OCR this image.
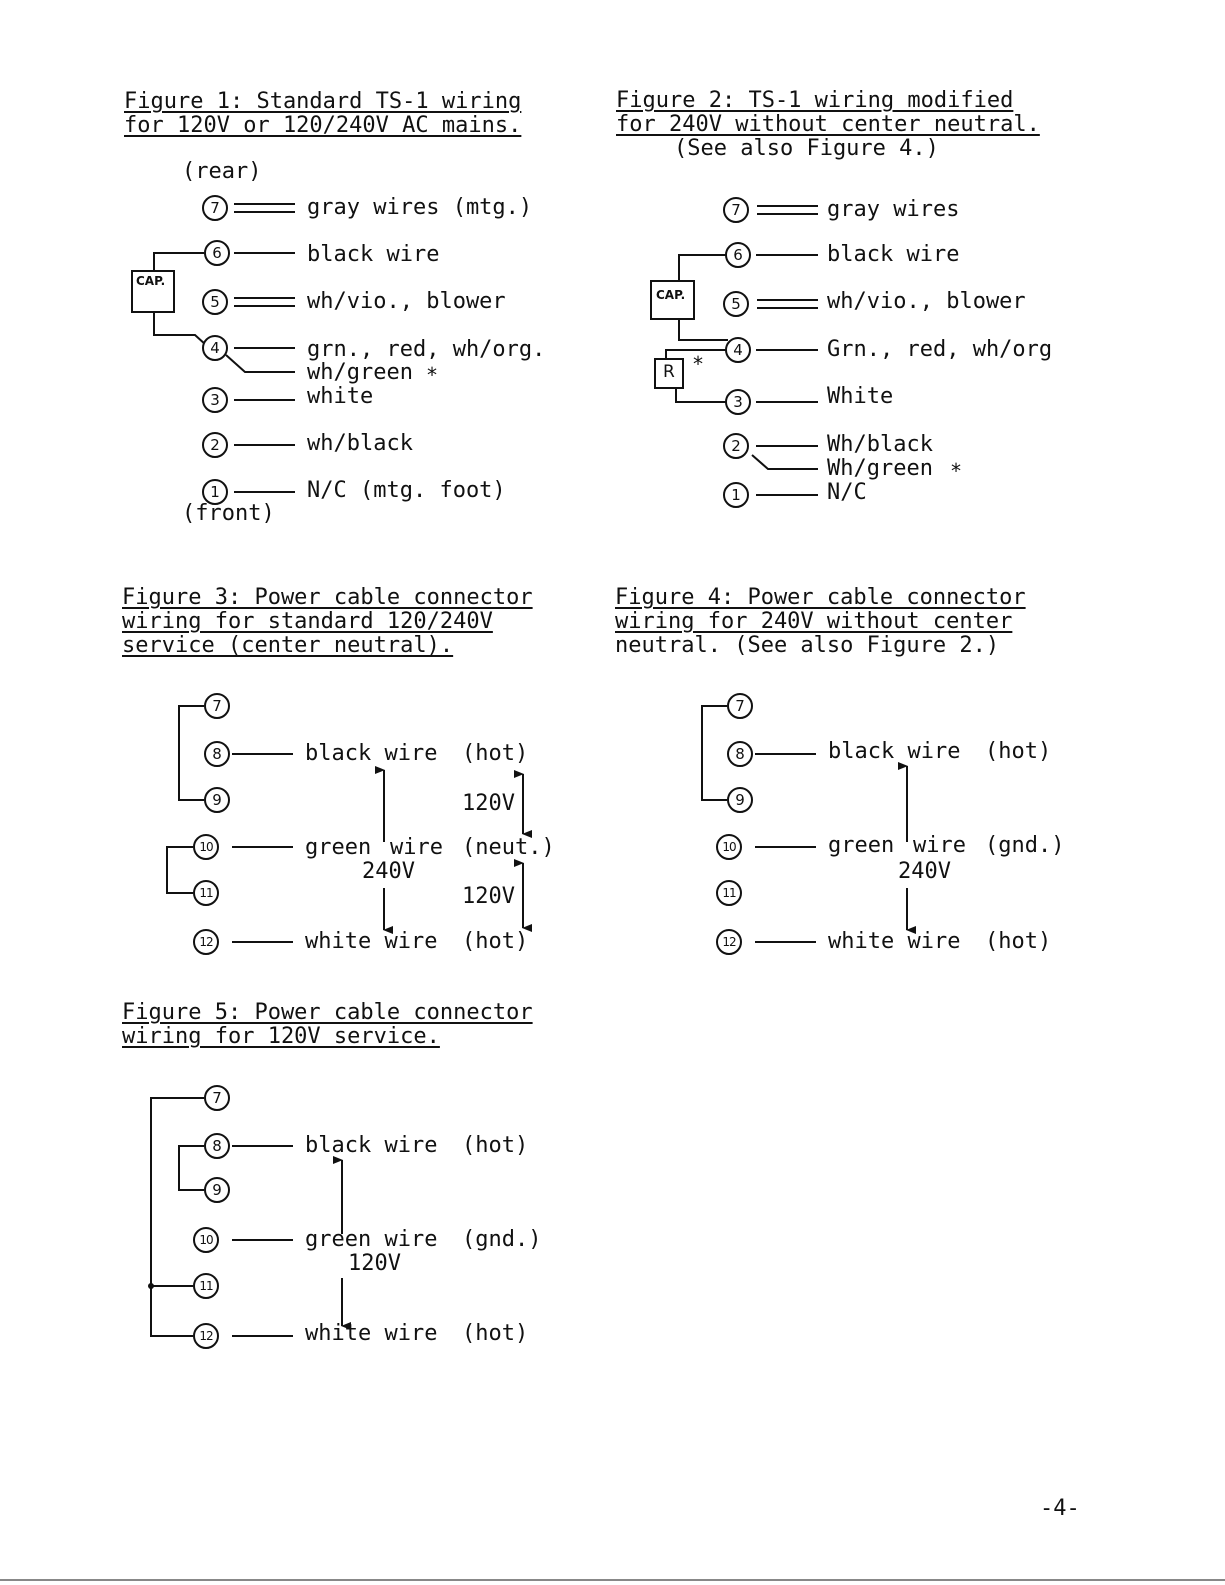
Figure 1: Standard TS-1 wiring
for 120V or 120/240V AC mains.
(rear)
7
6
5
4
3
2
1
CAP.
gray wires (mtg.)
black wire
wh/vio., blower
grn., red, wh/org.
wh/green *
white
wh/black
N/C (mtg. foot)
(front)
Figure 2: TS-1 wiring modified
for 240V without center neutral.
(See also Figure 4.)
7
6
5
4
3
2
1
CAP.
R *
gray wires
black wire
wh/vio., blower
Grn., red, wh/org
White
Wh/black
Wh/green *
N/C
Figure 3: Power cable connector
wiring for standard 120/240V
service (center neutral).
7
8
9
10
11
12
black wire (hot)
120V
green wire (neut.)
240V
120V
white wire (hot)
Figure 4: Power cable connector
wiring for 240V without center
neutral. (See also Figure 2.)
7
8
9
10
11
12
black wire (hot)
green wire (gnd.)
240V
white wire (hot)
Figure 5: Power cable connector
wiring for 120V service.
7
8
9
10
11
12
black wire (hot)
green wire (gnd.)
120V
white wire (hot)
-4-
